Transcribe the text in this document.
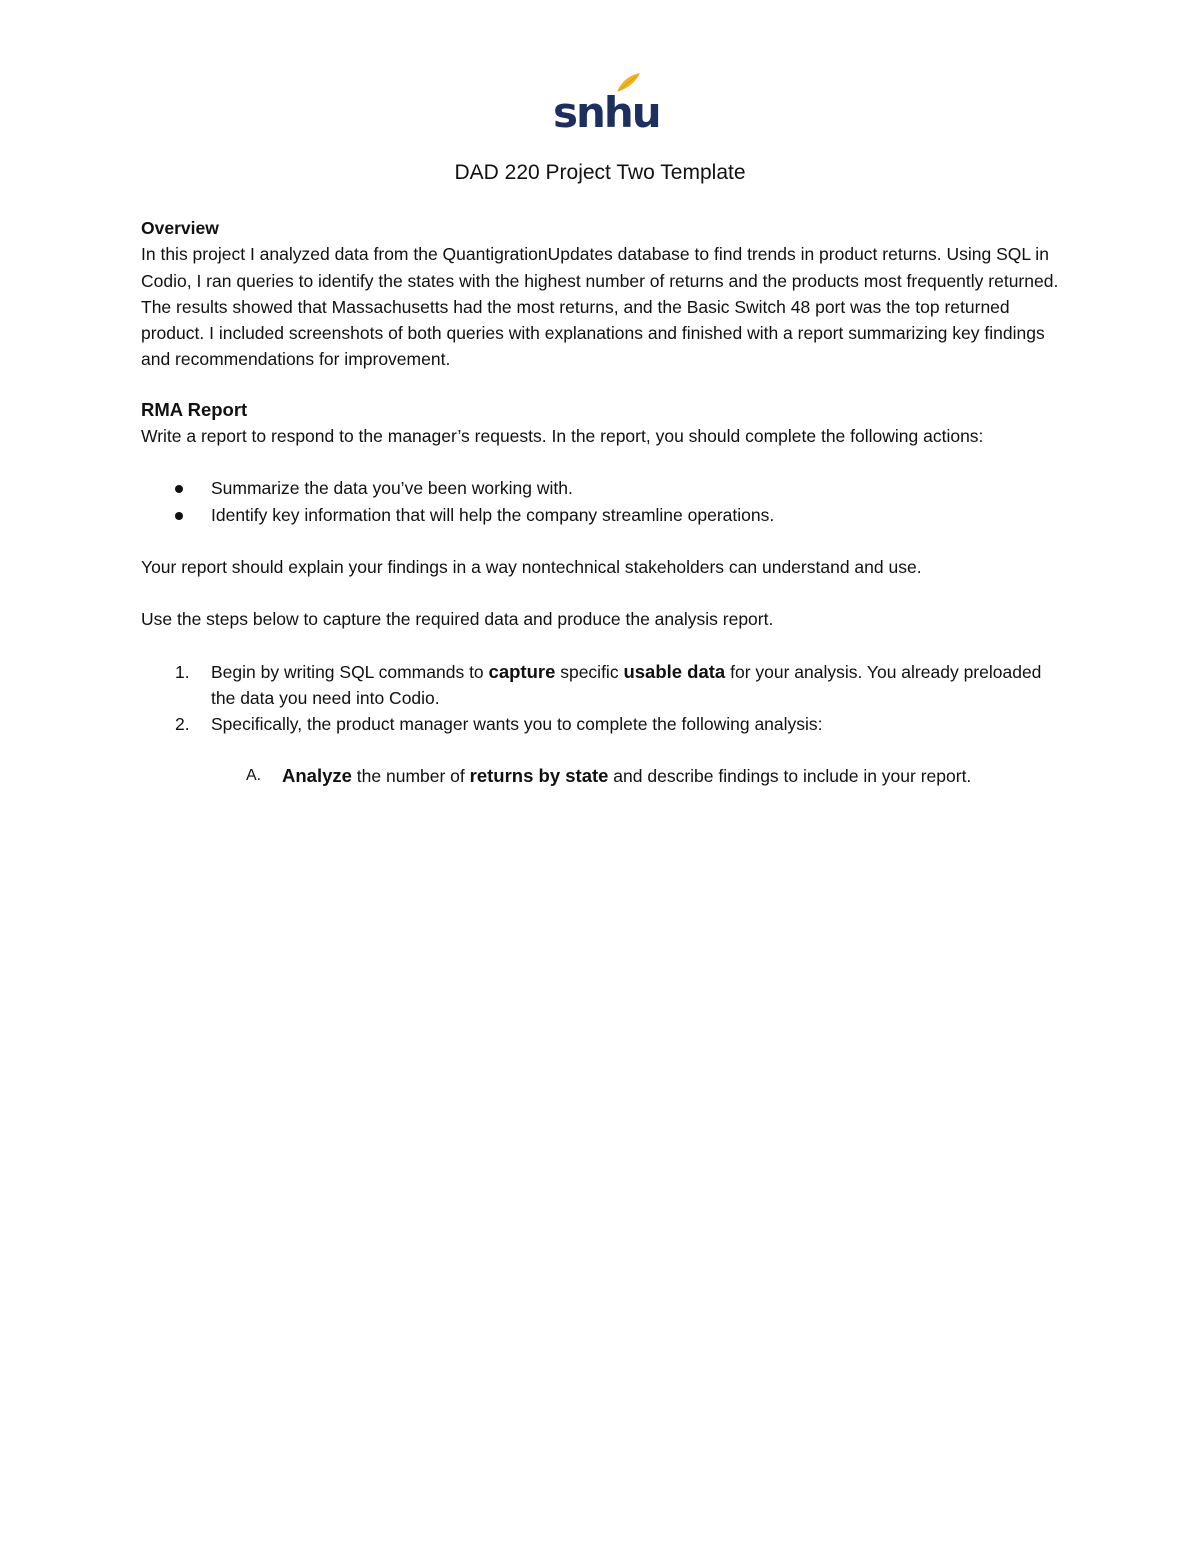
snhu
DAD 220 Project Two Template
Overview

In this project I analyzed data from the QuantigrationUpdates database to find trends in product returns. Using SQL in Codio, I ran queries to identify the states with the highest number of returns and the products most frequently returned. The results showed that Massachusetts had the most returns, and the Basic Switch 48 port was the top returned product. I included screenshots of both queries with explanations and finished with a report summarizing key findings and recommendations for improvement.

RMA Report

Write a report to respond to the manager’s requests. In the report, you should complete the following actions:

Summarize the data you’ve been working with.
Identify key information that will help the company streamline operations.

Your report should explain your findings in a way nontechnical stakeholders can understand and use.

Use the steps below to capture the required data and produce the analysis report.

1. Begin by writing SQL commands to capture specific usable data for your analysis. You already preloaded the data you need into Codio.
2. Specifically, the product manager wants you to complete the following analysis:
A. Analyze the number of returns by state and describe findings to include in your report.
